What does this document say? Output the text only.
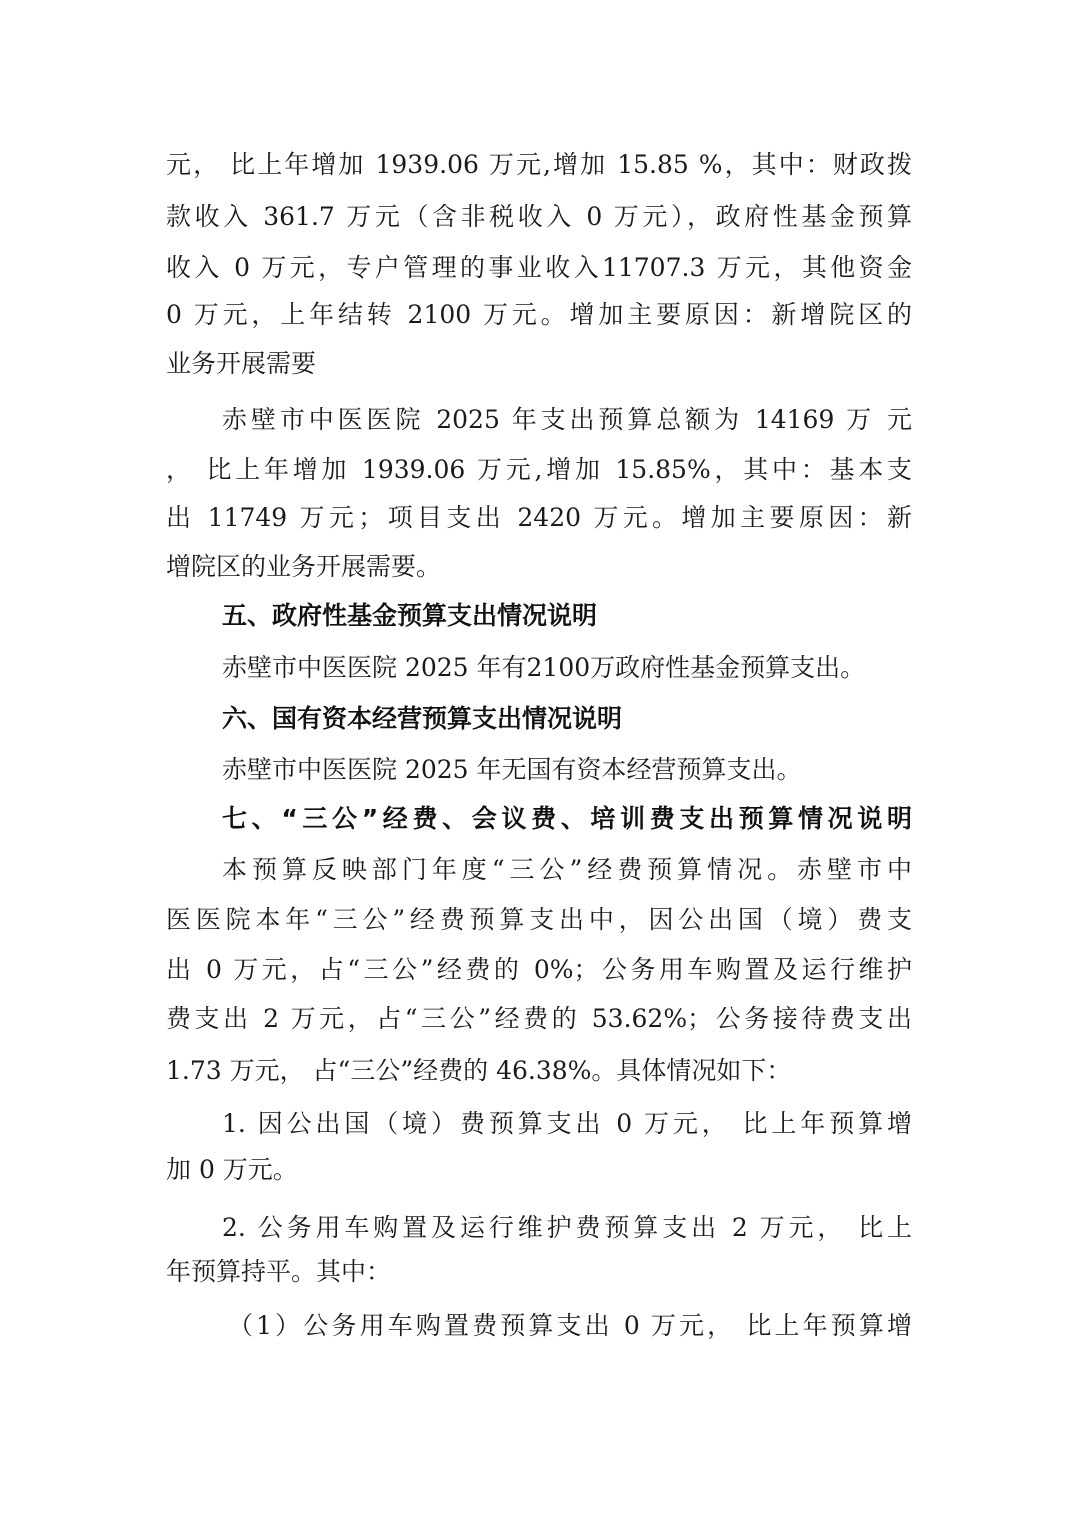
元， 比上年增加 1939.06 万元,增加 15.85 %，其中：财政拨
款收入 361.7 万元（含非税收入 0 万元），政府性基金预算
收入 0 万元，专户管理的事业收入11707.3 万元，其他资金
0 万元，上年结转 2100 万元。增加主要原因：新增院区的
业务开展需要
赤壁市中医医院 2025 年支出预算总额为 14169 万 元
， 比上年增加 1939.06 万元,增加 15.85%，其中：基本支
出 11749 万元；项目支出 2420 万元。增加主要原因：新
增院区的业务开展需要。
五、政府性基金预算支出情况说明
赤壁市中医医院 2025 年有2100万政府性基金预算支出。
六、国有资本经营预算支出情况说明
赤壁市中医医院 2025 年无国有资本经营预算支出。
七、“三公”经费、会议费、培训费支出预算情况说明
本预算反映部门年度“三公”经费预算情况。赤壁市中
医医院本年“三公”经费预算支出中，因公出国（境）费支
出 0 万元，占“三公”经费的 0%；公务用车购置及运行维护
费支出 2 万元，占“三公”经费的 53.62%；公务接待费支出
1.73 万元， 占“三公”经费的 46.38%。具体情况如下：
1. 因公出国（境）费预算支出 0 万元， 比上年预算增
加 0 万元。
2. 公务用车购置及运行维护费预算支出 2 万元， 比上
年预算持平。其中：
（1）公务用车购置费预算支出 0 万元， 比上年预算增
